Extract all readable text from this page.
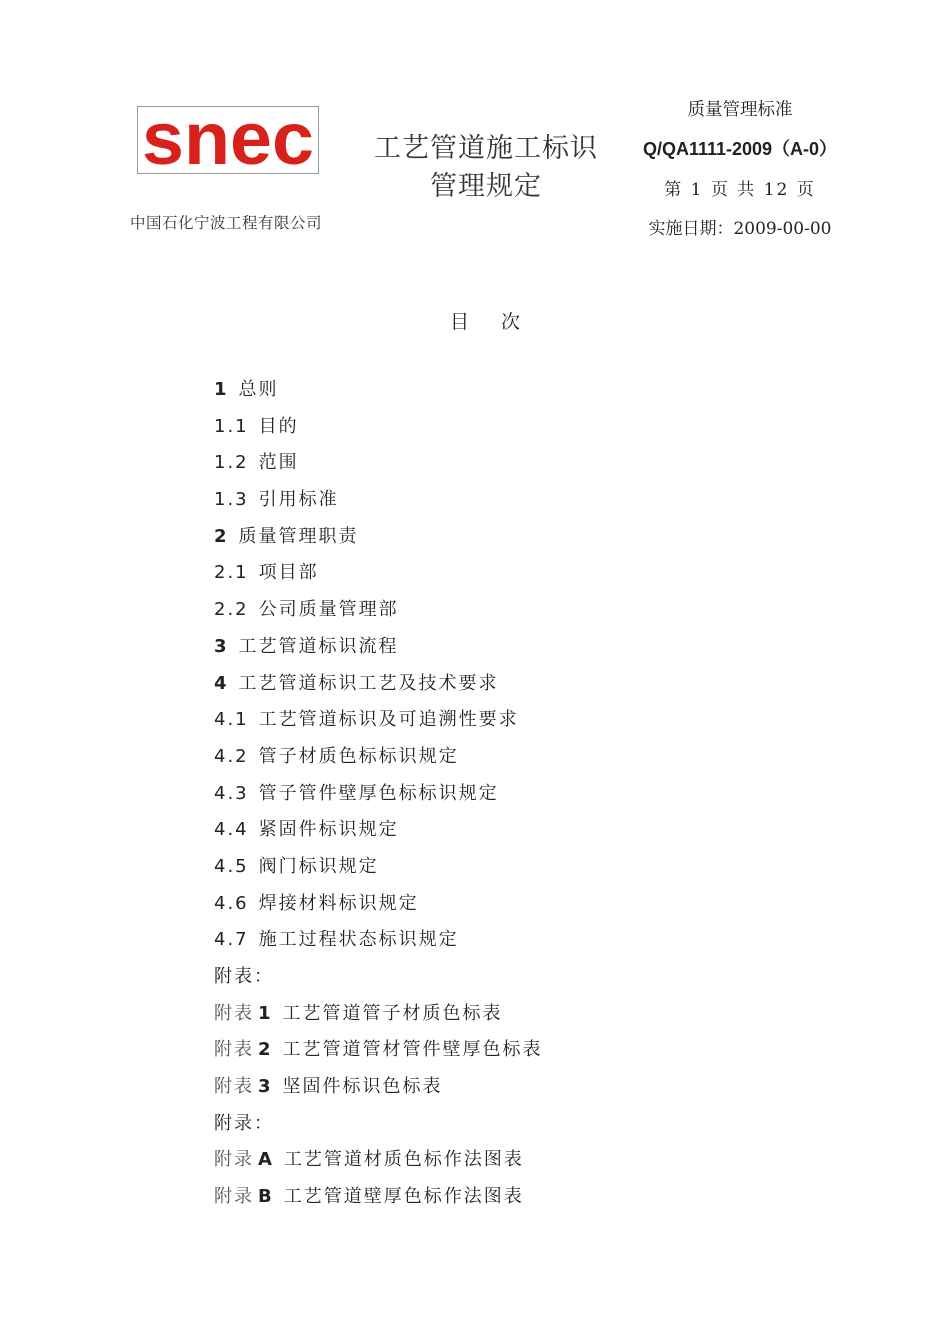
snec
中国石化宁波工程有限公司
工艺管道施工标识
管理规定
质量管理标准
Q/QA1111-2009（A-0）
第 1 页 共 12 页
实施日期：2009-00-00
目次
1 总则
1.1 目的
1.2 范围
1.3 引用标准
2 质量管理职责
2.1 项目部
2.2 公司质量管理部
3 工艺管道标识流程
4 工艺管道标识工艺及技术要求
4.1 工艺管道标识及可追溯性要求
4.2 管子材质色标标识规定
4.3 管子管件壁厚色标标识规定
4.4 紧固件标识规定
4.5 阀门标识规定
4.6 焊接材料标识规定
4.7 施工过程状态标识规定
附表：
附表 1 工艺管道管子材质色标表
附表 2 工艺管道管材管件壁厚色标表
附表 3 坚固件标识色标表
附录：
附录 A 工艺管道材质色标作法图表
附录 B 工艺管道壁厚色标作法图表
